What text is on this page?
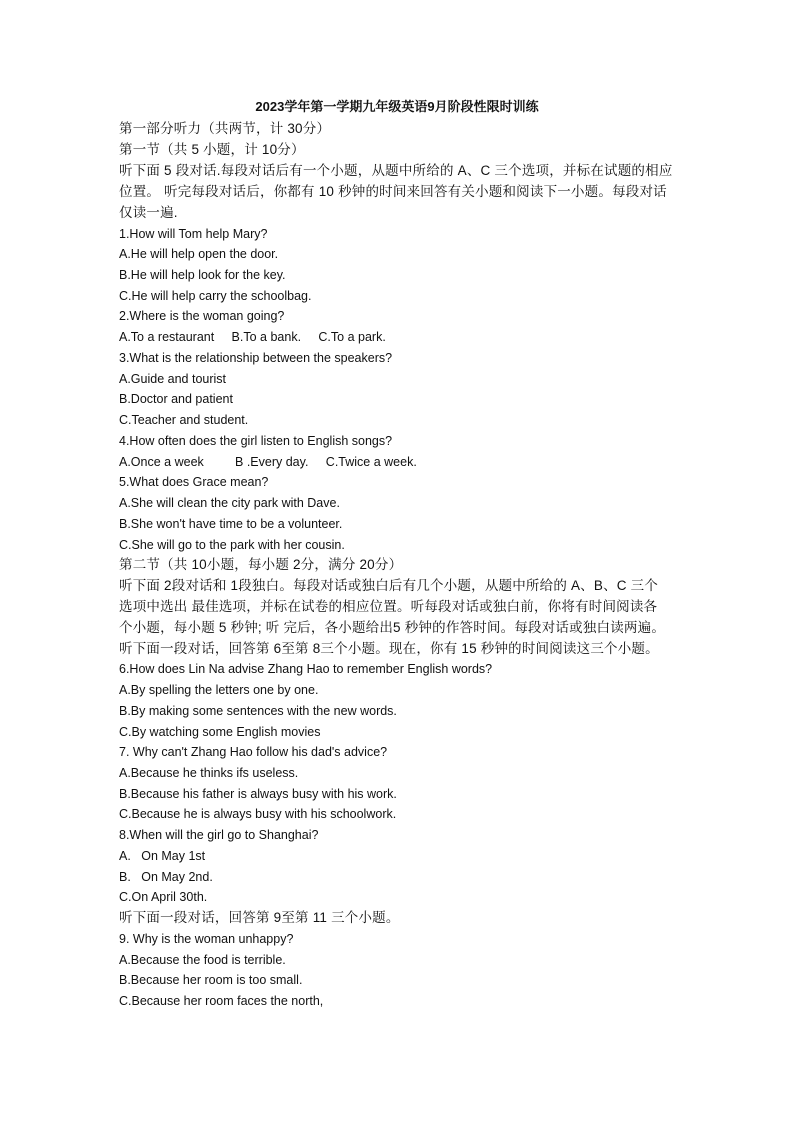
2023学年第一学期九年级英语9月阶段性限时训练
第一部分听力（共两节，计 30分）
第一节（共 5 小题，计 10分）
听下面 5 段对话.每段对话后有一个小题，从题中所给的 A、C 三个选项，并标在试题的相应
位置。 听完每段对话后，你都有 10 秒钟的时间来回答有关小题和阅读下一小题。每段对话
仅读一遍.
1.How will Tom help Mary?
A.He will help open the door.
B.He will help look for the key.
C.He will help carry the schoolbag.
2.Where is the woman going?
A.To a restaurant     B.To a bank.     C.To a park.
3.What is the relationship between the speakers?
A.Guide and tourist
B.Doctor and patient
C.Teacher and student.
4.How often does the girl listen to English songs?
A.Once a week         B .Every day.     C.Twice a week.
5.What does Grace mean?
A.She will clean the city park with Dave.
B.She won't have time to be a volunteer.
C.She will go to the park with her cousin.
第二节（共 10小题，每小题 2分，满分 20分）
听下面 2段对话和 1段独白。每段对话或独白后有几个小题，从题中所给的 A、B、C 三个
选项中选出 最佳选项，并标在试卷的相应位置。听每段对话或独白前，你将有时间阅读各
个小题，每小题 5 秒钟; 听 完后，各小题给出5 秒钟的作答时间。每段对话或独白读两遍。
听下面一段对话，回答第 6至第 8三个小题。现在，你有 15 秒钟的时间阅读这三个小题。
6.How does Lin Na advise Zhang Hao to remember English words?
A.By spelling the letters one by one.
B.By making some sentences with the new words.
C.By watching some English movies
7. Why can't Zhang Hao follow his dad's advice?
A.Because he thinks ifs useless.
B.Because his father is always busy with his work.
C.Because he is always busy with his schoolwork.
8.When will the girl go to Shanghai?
A.   On May 1st
B.   On May 2nd.
C.On April 30th.
听下面一段对话，回答第 9至第 11 三个小题。
9. Why is the woman unhappy?
A.Because the food is terrible.
B.Because her room is too small.
C.Because her room faces the north,
